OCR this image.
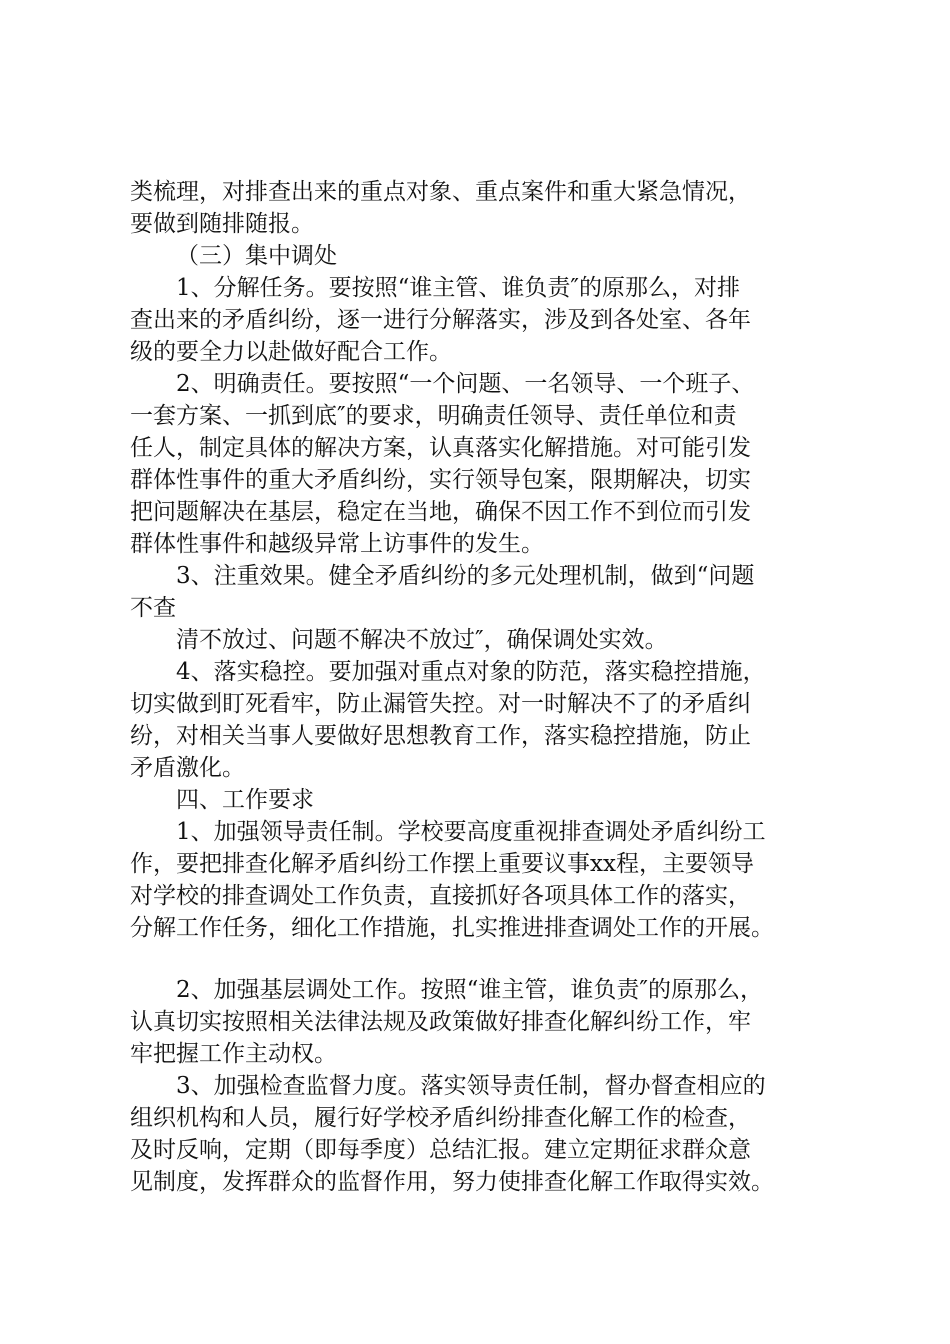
类梳理，对排查出来的重点对象、重点案件和重大紧急情况，
要做到随排随报。
（三）集中调处
1、分解任务。要按照“谁主管、谁负责″的原那么，对排
查出来的矛盾纠纷，逐一进行分解落实，涉及到各处室、各年
级的要全力以赴做好配合工作。
2、明确责任。要按照“一个问题、一名领导、一个班子、
一套方案、一抓到底″的要求，明确责任领导、责任单位和责
任人，制定具体的解决方案，认真落实化解措施。对可能引发
群体性事件的重大矛盾纠纷，实行领导包案，限期解决，切实
把问题解决在基层，稳定在当地，确保不因工作不到位而引发
群体性事件和越级异常上访事件的发生。
3、注重效果。健全矛盾纠纷的多元处理机制，做到“问题
不查
清不放过、问题不解决不放过″，确保调处实效。
4、落实稳控。要加强对重点对象的防范，落实稳控措施，
切实做到盯死看牢，防止漏管失控。对一时解决不了的矛盾纠
纷，对相关当事人要做好思想教育工作，落实稳控措施，防止
矛盾激化。
四、工作要求
1、加强领导责任制。学校要高度重视排查调处矛盾纠纷工
作，要把排查化解矛盾纠纷工作摆上重要议事xx程，主要领导
对学校的排查调处工作负责，直接抓好各项具体工作的落实，
分解工作任务，细化工作措施，扎实推进排查调处工作的开展。
2、加强基层调处工作。按照“谁主管，谁负责″的原那么，
认真切实按照相关法律法规及政策做好排查化解纠纷工作，牢
牢把握工作主动权。
3、加强检查监督力度。落实领导责任制，督办督查相应的
组织机构和人员，履行好学校矛盾纠纷排查化解工作的检查，
及时反响，定期（即每季度）总结汇报。建立定期征求群众意
见制度，发挥群众的监督作用，努力使排查化解工作取得实效。
